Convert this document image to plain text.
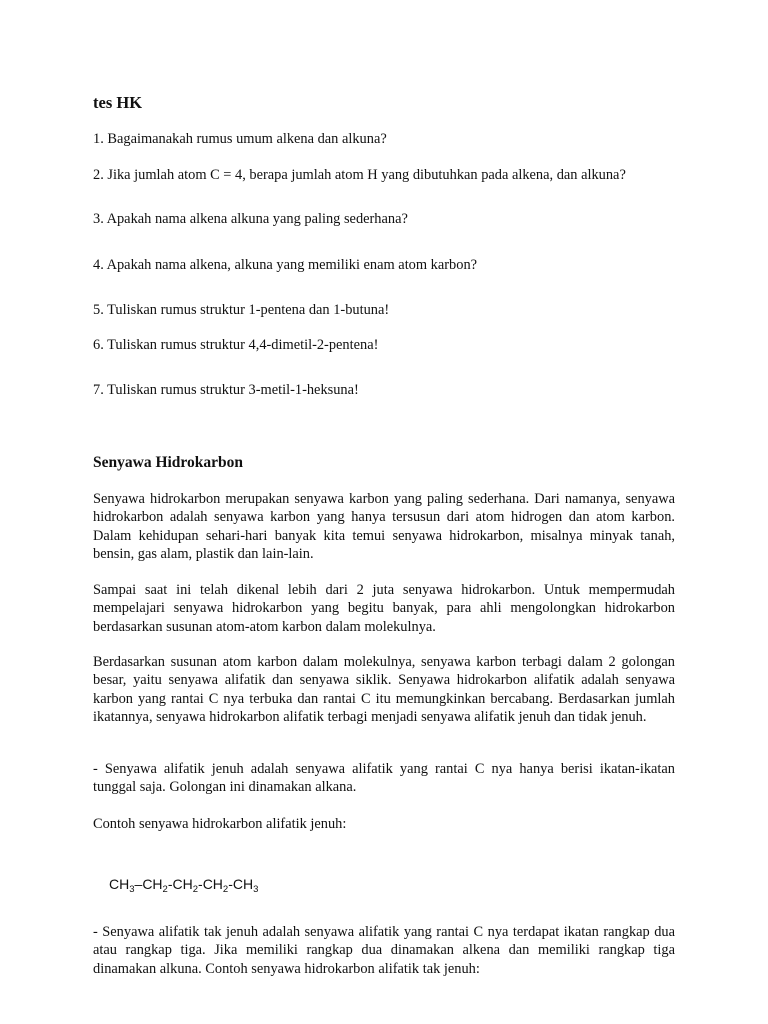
tes HK

1. Bagaimanakah rumus umum alkena dan alkuna?

2. Jika jumlah atom C = 4, berapa jumlah atom H yang dibutuhkan pada alkena, dan alkuna?

3. Apakah nama alkena alkuna yang paling sederhana?

4. Apakah nama alkena, alkuna yang memiliki enam atom karbon?

5. Tuliskan rumus struktur 1-pentena dan 1-butuna!

6. Tuliskan rumus struktur 4,4-dimetil-2-pentena!

7. Tuliskan rumus struktur 3-metil-1-heksuna!

Senyawa Hidrokarbon

Senyawa hidrokarbon merupakan senyawa karbon yang paling sederhana. Dari namanya, senyawa hidrokarbon adalah senyawa karbon yang hanya tersusun dari atom hidrogen dan atom karbon. Dalam kehidupan sehari-hari banyak kita temui senyawa hidrokarbon, misalnya minyak tanah, bensin, gas alam, plastik dan lain-lain.

Sampai saat ini telah dikenal lebih dari 2 juta senyawa hidrokarbon. Untuk mempermudah mempelajari senyawa hidrokarbon yang begitu banyak, para ahli mengolongkan hidrokarbon berdasarkan susunan atom-atom karbon dalam molekulnya.

Berdasarkan susunan atom karbon dalam molekulnya, senyawa karbon terbagi dalam 2 golongan besar, yaitu senyawa alifatik dan senyawa siklik. Senyawa hidrokarbon alifatik adalah senyawa karbon yang rantai C nya terbuka dan rantai C itu memungkinkan bercabang. Berdasarkan jumlah ikatannya, senyawa hidrokarbon alifatik terbagi menjadi senyawa alifatik jenuh dan tidak jenuh.

- Senyawa alifatik jenuh adalah senyawa alifatik yang rantai C nya hanya berisi ikatan-ikatan tunggal saja. Golongan ini dinamakan alkana.

Contoh senyawa hidrokarbon alifatik jenuh:

$CH_3-CH_2-CH_2-CH_2-CH_3$

- Senyawa alifatik tak jenuh adalah senyawa alifatik yang rantai C nya terdapat ikatan rangkap dua atau rangkap tiga. Jika memiliki rangkap dua dinamakan alkena dan memiliki rangkap tiga dinamakan alkuna. Contoh senyawa hidrokarbon alifatik tak jenuh:
